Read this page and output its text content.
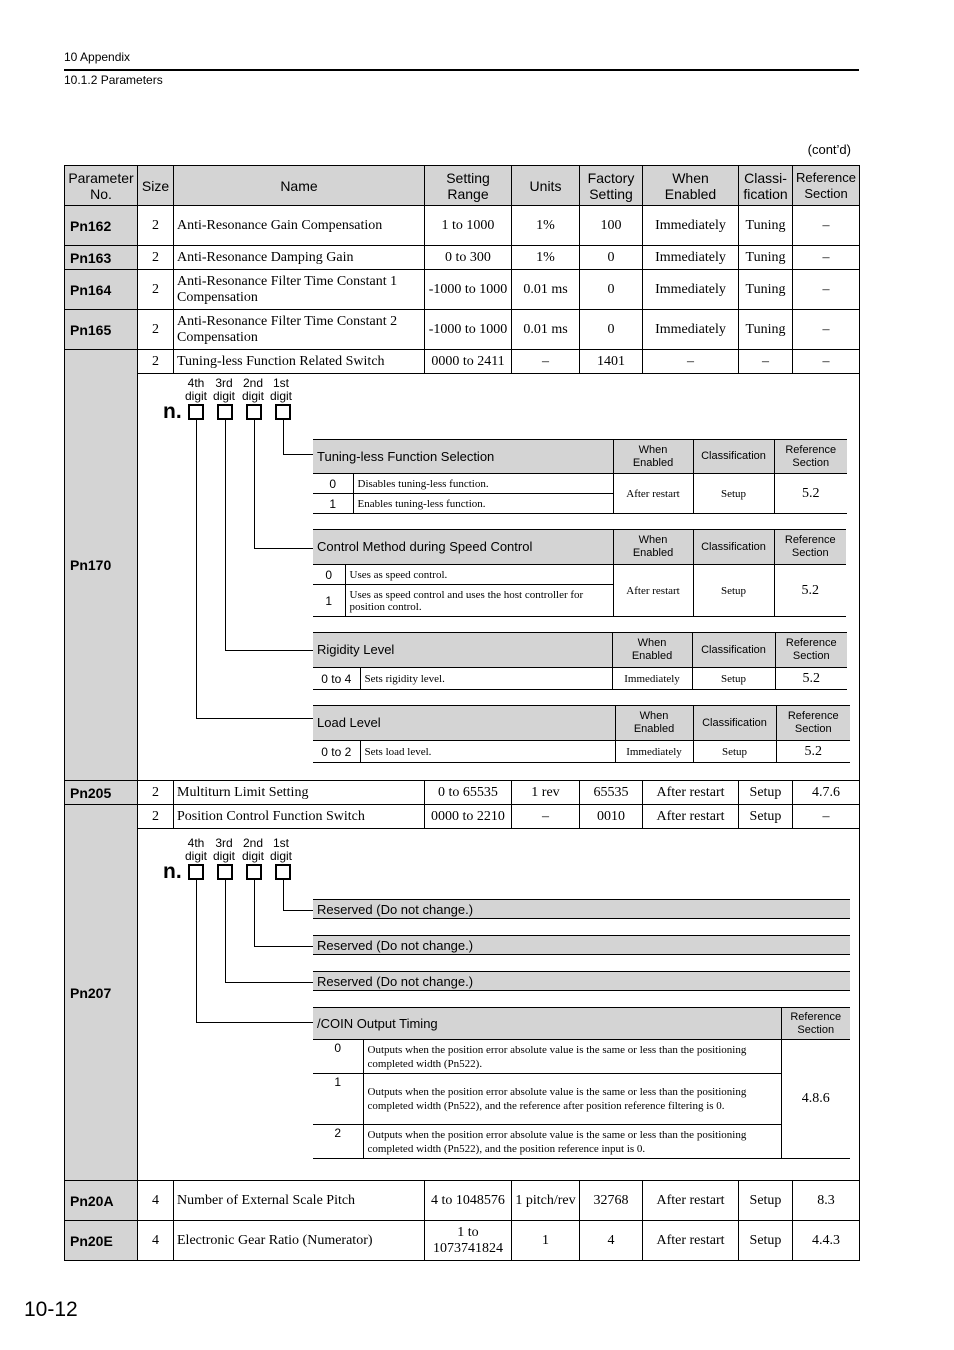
10 Appendix
10.1.2 Parameters
(cont’d)
Parameter No.	Size	Name	Setting Range	Units	Factory Setting	When Enabled	Classi- fication	Reference Section
Pn162	2	Anti-Resonance Gain Compensation	1 to 1000	1%	100	Immediately	Tuning	–
Pn163	2	Anti-Resonance Damping Gain	0 to 300	1%	0	Immediately	Tuning	–
Pn164	2	Anti-Resonance Filter Time Constant 1 Compensation	-1000 to 1000	0.01 ms	0	Immediately	Tuning	–
Pn165	2	Anti-Resonance Filter Time Constant 2 Compensation	-1000 to 1000	0.01 ms	0	Immediately	Tuning	–
Pn170	2	Tuning-less Function Related Switch	0000 to 2411	–	1401	–	–	–

Pn205	2	Multiturn Limit Setting	0 to 65535	1 rev	65535	After restart	Setup	4.7.6
Pn207	2	Position Control Function Switch	0000 to 2210	–	0010	After restart	Setup	–

Pn20A	4	Number of External Scale Pitch	4 to 1048576	1 pitch/rev	32768	After restart	Setup	8.3
Pn20E	4	Electronic Gear Ratio (Numerator)	1 to 1073741824	1	4	After restart	Setup	4.4.3
4th digit
3rd digit
2nd digit
1st digit
n.
Tuning-less Function Selection		When Enabled	Classification	Reference Section
0	Disables tuning-less function.	After restart	Setup	5.2
1	Enables tuning-less function.			
Control Method during Speed Control		When Enabled	Classification	Reference Section
0	Uses as speed control.	After restart	Setup	5.2
1	Uses as speed control and uses the host controller for position control.			
Rigidity Level		When Enabled	Classification	Reference Section
0 to 4	Sets rigidity level.	Immediately	Setup	5.2
Load Level		When Enabled	Classification	Reference Section
0 to 2	Sets load level.	Immediately	Setup	5.2
4th digit
3rd digit
2nd digit
1st digit
n.
Reserved (Do not change.)
Reserved (Do not change.)
Reserved (Do not change.)
/COIN Output Timing		Reference Section
0	Outputs when the position error absolute value is the same or less than the positioning completed width (Pn522).	4.8.6
1	Outputs when the position error absolute value is the same or less than the positioning completed width (Pn522), and the reference after position reference filtering is 0.	
2	Outputs when the position error absolute value is the same or less than the positioning completed width (Pn522), and the position reference input is 0.	
10-12
